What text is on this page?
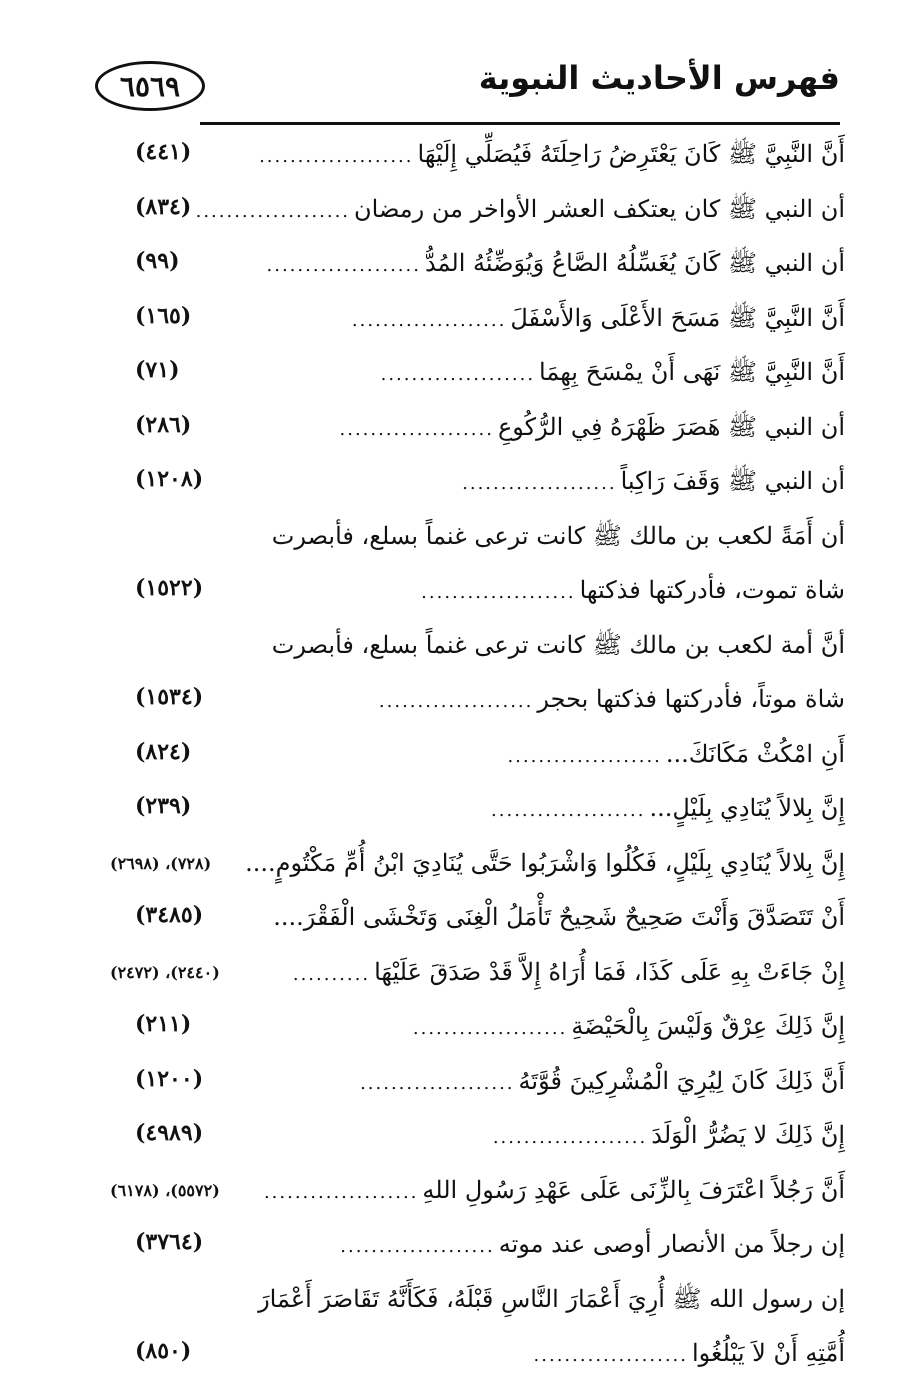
٦٥٦٩	فهرس الأحاديث النبوية
أَنَّ النَّبِيَّ ﷺ كَانَ يَعْتَرِضُ رَاحِلَتَهُ فَيُصَلِّي إِلَيْهَا
....................
(٤٤١)
أن النبي ﷺ كان يعتكف العشر الأواخر من رمضان
....................
(٨٣٤)
أن النبي ﷺ كَانَ يُغَسِّلُهُ الصَّاعُ وَيُوَضِّئُهُ المُدُّ
....................
(٩٩)
أَنَّ النَّبِيَّ ﷺ مَسَحَ الأَعْلَى وَالأَسْفَلَ
....................
(١٦٥)
أَنَّ النَّبِيَّ ﷺ نَهَى أَنْ يمْسَحَ بِهِمَا
....................
(٧١)
أن النبي ﷺ هَصَرَ ظَهْرَهُ فِي الرُّكُوعِ
....................
(٢٨٦)
أن النبي ﷺ وَقَفَ رَاكِباً
....................
(١٢٠٨)
أن أَمَةً لكعب بن مالك ﷺ كانت ترعى غنماً بسلع، فأبصرت
شاة تموت، فأدركتها فذكتها
....................
(١٥٢٢)
أنَّ أمة لكعب بن مالك ﷺ كانت ترعى غنماً بسلع، فأبصرت
شاة موتاً، فأدركتها فذكتها بحجر
....................
(١٥٣٤)
أَنِ امْكُثْ مَكَانَكَ...
....................
(٨٢٤)
إِنَّ بِلالاً يُنَادِي بِلَيْلٍ...
....................
(٢٣٩)
إِنَّ بِلالاً يُنَادِي بِلَيْلٍ، فَكُلُوا وَاشْرَبُوا حَتَّى يُنَادِيَ ابْنُ أُمِّ مَكْتُومٍ....
(٧٢٨)، (٢٦٩٨)
أَنْ تَتَصَدَّقَ وَأَنْتَ صَحِيحٌ شَحِيحٌ تَأْمَلُ الْغِنَى وَتَخْشَى الْفَقْرَ....
(٣٤٨٥)
إِنْ جَاءَتْ بِهِ عَلَى كَذَا، فَمَا أُرَاهُ إِلاَّ قَدْ صَدَقَ عَلَيْهَا
..........
(٢٤٤٠)، (٢٤٧٢)
إِنَّ ذَلِكَ عِرْقٌ وَلَيْسَ بِالْحَيْضَةِ
....................
(٢١١)
أَنَّ ذَلِكَ كَانَ لِيُرِيَ الْمُشْرِكِينَ قُوَّتَهُ
....................
(١٢٠٠)
إِنَّ ذَلِكَ لا يَضُرُّ الْوَلَدَ
....................
(٤٩٨٩)
أَنَّ رَجُلاً اعْتَرَفَ بِالزِّنَى عَلَى عَهْدِ رَسُولِ اللهِ
....................
(٥٥٧٢)، (٦١٧٨)
إن رجلاً من الأنصار أوصى عند موته
....................
(٣٧٦٤)
إن رسول الله ﷺ أُرِيَ أَعْمَارَ النَّاسِ قَبْلَهُ، فَكَأَنَّهُ تَقَاصَرَ أَعْمَارَ
أُمَّتِهِ أَنْ لاَ يَبْلُغُوا
....................
(٨٥٠)
